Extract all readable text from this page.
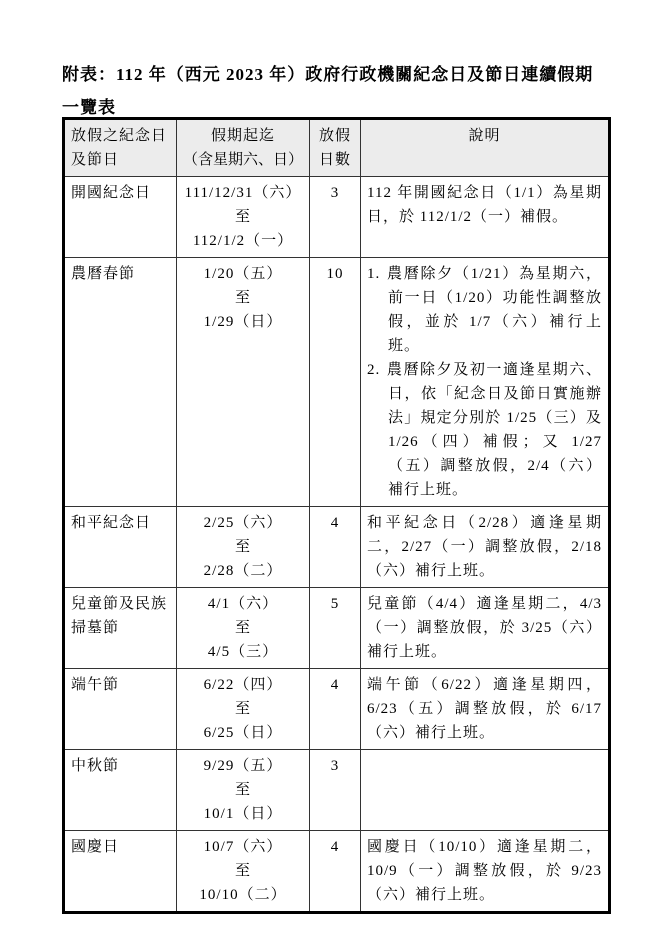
附表：112 年（西元 2023 年）政府行政機關紀念日及節日連續假期
一覽表
放假之紀念日
及節日	假期起迄
（含星期六、日）	放假
日數	說明
開國紀念日	111/12/31（六）
至
112/1/2（一）	3	112 年開國紀念日（1/1）為星期日，於 112/1/2（一）補假。

農曆春節	1/20（五）
至
1/29（日）
	10	1. 農曆除夕（1/21）為星期六，前一日（1/20）功能性調整放假，並於 1/7（六）補行上班。
2. 農曆除夕及初一適逢星期六、日，依「紀念日及節日實施辦法」規定分別於 1/25（三）及 1/26（四）補假；又 1/27（五）調整放假，2/4（六）補行上班。

和平紀念日	2/25（六）
至
2/28（二）	4	和平紀念日（2/28）適逢星期二，2/27（一）調整放假，2/18（六）補行上班。

兒童節及民族掃墓節	4/1（六）
至
4/5（三）	5	兒童節（4/4）適逢星期二，4/3（一）調整放假，於 3/25（六）補行上班。

端午節	6/22（四）
至
6/25（日）	4	端午節（6/22）適逢星期四，6/23（五）調整放假，於 6/17（六）補行上班。

中秋節	9/29（五）
至
10/1（日）	3	
國慶日	10/7（六）
至
10/10（二）	4	國慶日（10/10）適逢星期二，10/9（一）調整放假，於 9/23（六）補行上班。
